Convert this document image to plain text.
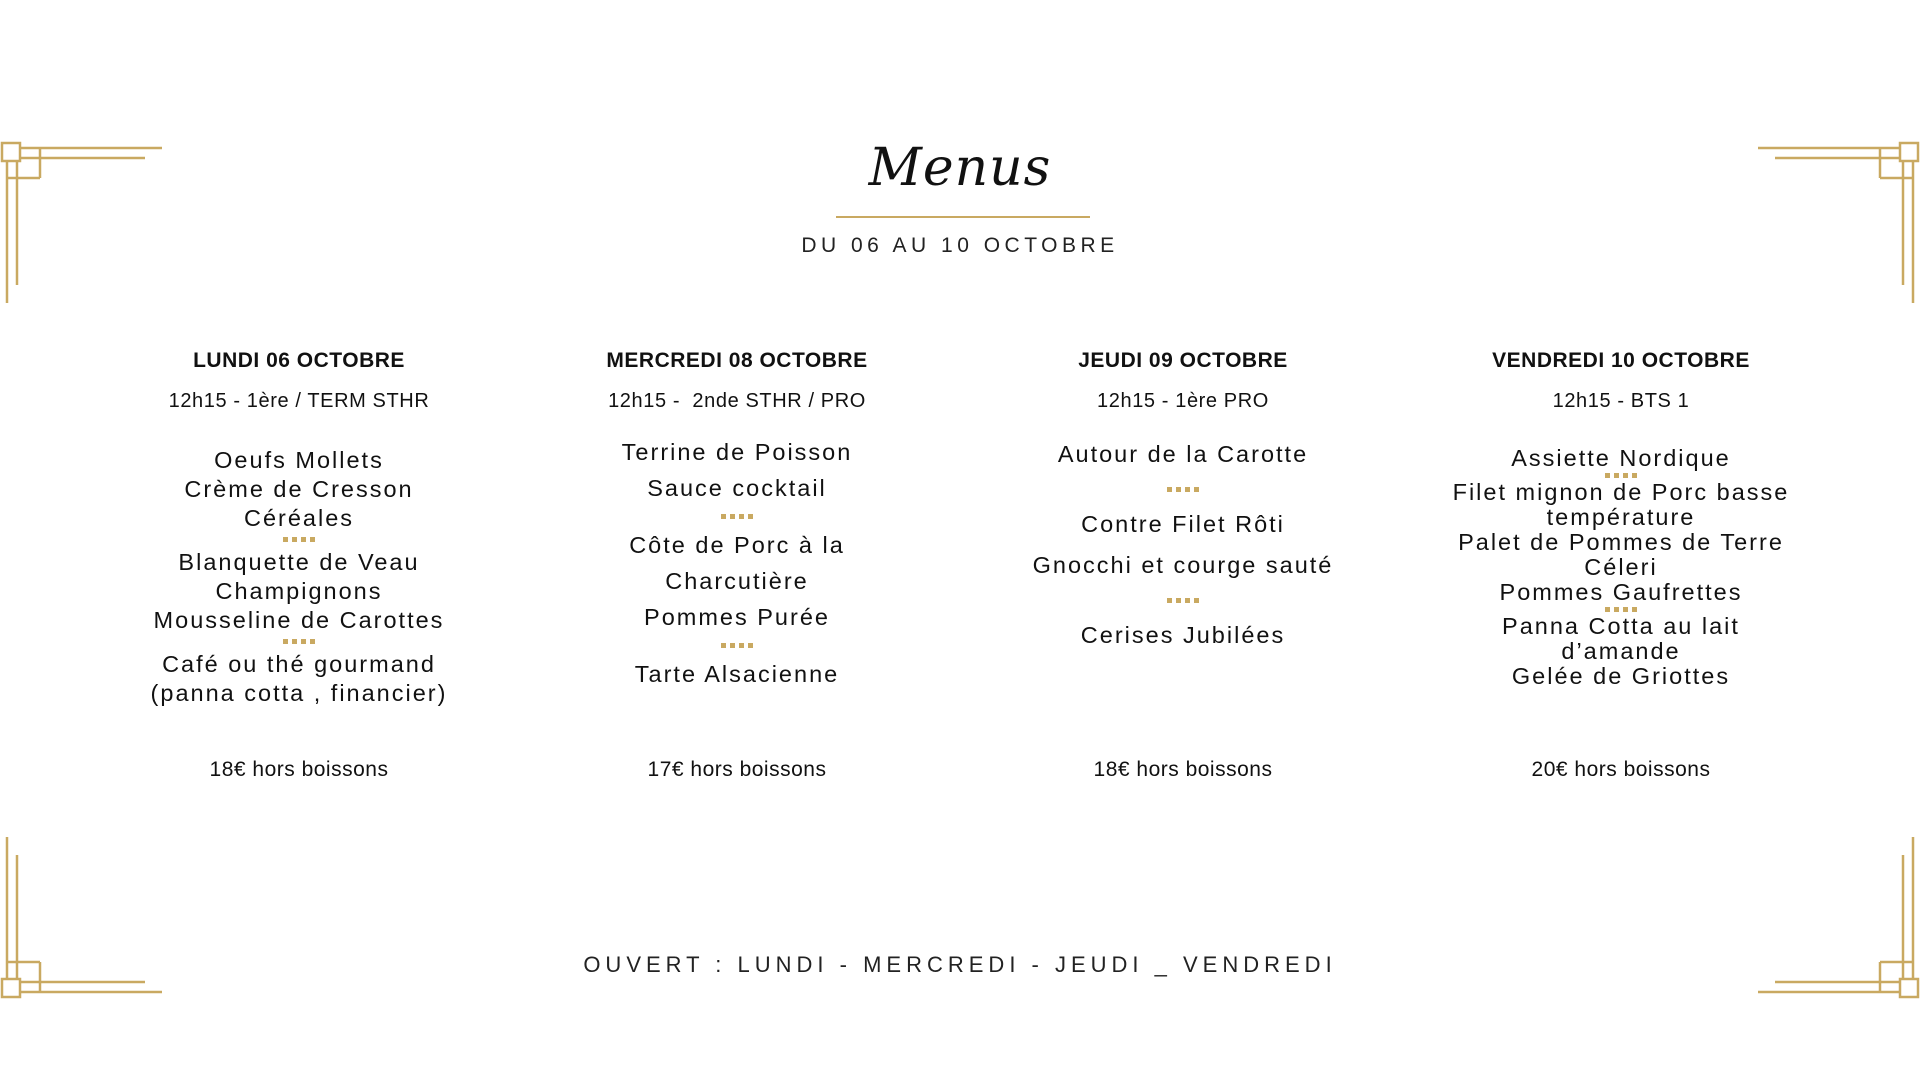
Menus
DU 06 AU 10 OCTOBRE
LUNDI 06 OCTOBRE
12h15 - 1ère / TERM STHR
Oeufs Mollets
Crème de Cresson
Céréales
Blanquette de Veau
Champignons
Mousseline de Carottes
Café ou thé gourmand
(panna cotta , financier)
MERCREDI 08 OCTOBRE
12h15 -  2nde STHR / PRO
Terrine de Poisson
Sauce cocktail
Côte de Porc à la
Charcutière
Pommes Purée
Tarte Alsacienne
JEUDI 09 OCTOBRE
12h15 - 1ère PRO
Autour de la Carotte
Contre Filet Rôti
Gnocchi et courge sauté
Cerises Jubilées
VENDREDI 10 OCTOBRE
12h15 - BTS 1
Assiette Nordique
Filet mignon de Porc basse
température
Palet de Pommes de Terre
Céleri
Pommes Gaufrettes
Panna Cotta au lait
d’amande
Gelée de Griottes
18€ hors boissons	17€ hors boissons	18€ hors boissons	20€ hors boissons
OUVERT : LUNDI - MERCREDI - JEUDI _ VENDREDI
